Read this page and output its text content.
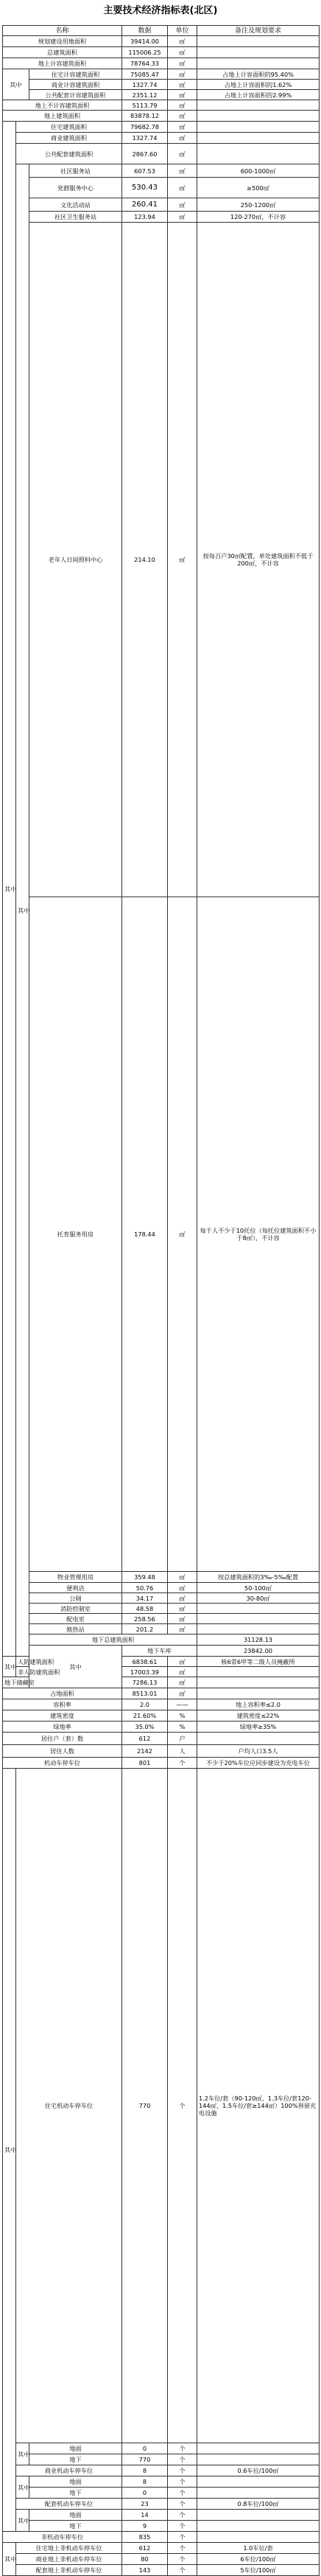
主要技术经济指标表(北区)
名称			数据	单位	备注及规划要求	
规划建设用地面积			39414.00	㎡		
总建筑面积			115006.25	㎡		
地上计容建筑面积			78764.33	㎡		
其中		住宅计容建筑面积	75085.47	㎡	占地上计容面积的95.40%	
		商业计容建筑面积	1327.74	㎡	占地上计容面积的1.62%	
		公共配套计容建筑面积	2351.12	㎡	占地上计容面积的2.99%	
地上不计容建筑面积			5113.79	㎡		
地上建筑面积			83878.12	㎡		
其中	住宅建筑面积		79682.78	㎡		
	商业建筑面积		1327.74	㎡		
	公共配套建筑面积		2867.60	㎡		
	其中	社区服务站	607.53	㎡	600-1000㎡	
		党群服务中心	530.43	㎡	≥500㎡	
		文化活动站	260.41	㎡	250-1200㎡	
		社区卫生服务站	123.94	㎡	120-270㎡，不计容	
		老年人日间照料中心	214.10	㎡	按每百户30㎡配置，单处建筑面积不低于200㎡，不计容	
		托育服务用房	178.44	㎡	每千人不少于10托位（每托位建筑面积不小于8㎡），不计容	
		物业管理用房	359.48	㎡	按总建筑面积的3‰-5‰配置	
		便利店	50.76	㎡	50-100㎡	
		公厕	34.17	㎡	30-80㎡	
		消防控制室	48.58	㎡		
		配电室	258.56	㎡		
		换热站	201.2	㎡		
		地下总建筑面积			31128.13		
		其中	地下车库		23842.00		
其中	人防建筑面积		6838.61	㎡	核6常6甲等二级人员掩蔽所	
	非人防建筑面积		17003.39	㎡		
地下储藏室			7286.13	㎡		
占地面积			8513.01	㎡		
容积率			2.0	——	地上容积率≤2.0	
建筑密度			21.60%	%	建筑密度≤22%	
绿地率			35.0%	%	绿地率≥35%	
居住户（套）数			612	户		
居住人数			2142	人	户均人口3.5人	
机动车停车位			801	个	不少于20%车位应同步建设为充电车位	
其中	住宅机动车停车位		770	个	1.2车位/套（90-120㎡，1.3车位/套120-144㎡，1.5车位/套≥144㎡）100%预留充电设施	
	其中	地面	0	个		
		地下	770	个		
	商业机动车停车位		8	个	0.6车位/100㎡	
	其中	地面	8	个		
		地下	0	个		
	配套机动车停车位		23	个	0.8车位/100㎡	
	其中	地面	14	个		
		地下	9	个		
非机动车停车位			835	个		
其中	住宅地上非机动车停车位		612	个	1.0车位/套	
	商业地上非机动车停车位		80	个	6车位/100㎡	
	配套地上非机动车停车位		143	个	5车位/100㎡	
